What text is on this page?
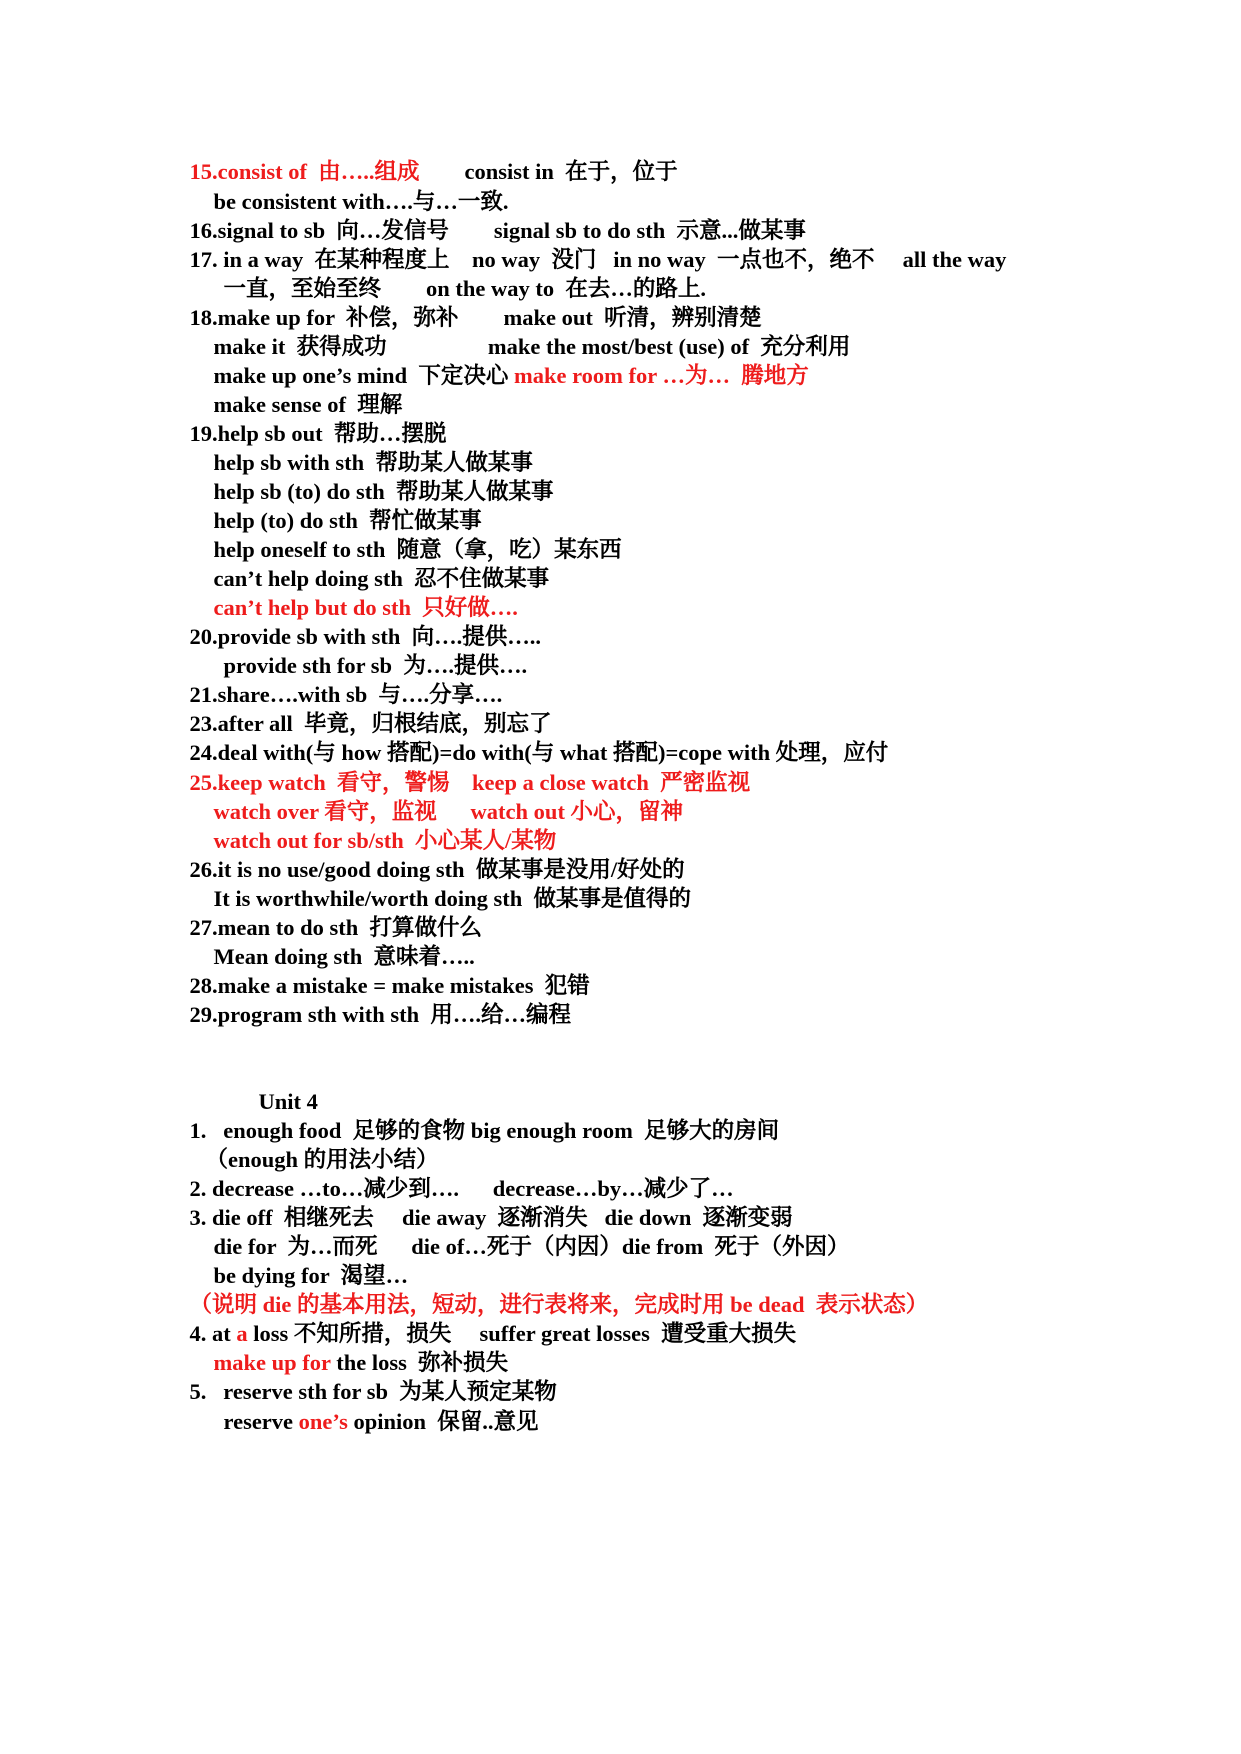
15.consist of  由…..组成        consist in  在于，位于

be consistent with….与…一致.

16.signal to sb  向…发信号        signal sb to do sth  示意...做某事

17. in a way  在某种程度上    no way  没门   in no way  一点也不，绝不     all the way

一直，至始至终        on the way to  在去…的路上.

18.make up for  补偿，弥补        make out  听清，辨别清楚

make it  获得成功                  make the most/best (use) of  充分利用

make up one’s mind  下定决心 make room for …为…  腾地方

make sense of  理解

19.help sb out  帮助…摆脱

help sb with sth  帮助某人做某事

help sb (to) do sth  帮助某人做某事

help (to) do sth  帮忙做某事

help oneself to sth  随意（拿，吃）某东西

can’t help doing sth  忍不住做某事

can’t help but do sth  只好做….

20.provide sb with sth  向….提供…..

provide sth for sb  为….提供….

21.share….with sb  与….分享….

23.after all  毕竟，归根结底，别忘了

24.deal with(与 how 搭配)=do with(与 what 搭配)=cope with 处理，应付

25.keep watch  看守，警惕    keep a close watch  严密监视

watch over 看守，监视      watch out 小心，留神

watch out for sb/sth  小心某人/某物

26.it is no use/good doing sth  做某事是没用/好处的

It is worthwhile/worth doing sth  做某事是值得的

27.mean to do sth  打算做什么

Mean doing sth  意味着…..

28.make a mistake = make mistakes  犯错

29.program sth with sth  用….给…编程

Unit 4

1.   enough food  足够的食物 big enough room  足够大的房间

（enough 的用法小结）

2. decrease …to…减少到….      decrease…by…减少了…

3. die off  相继死去     die away  逐渐消失   die down  逐渐变弱

die for  为…而死      die of…死于（内因）die from  死于（外因）

be dying for  渴望…

（说明 die 的基本用法，短动，进行表将来，完成时用 be dead  表示状态）

4. at a loss 不知所措，损失     suffer great losses  遭受重大损失

make up for the loss  弥补损失

5.   reserve sth for sb  为某人预定某物

reserve one’s opinion  保留..意见
